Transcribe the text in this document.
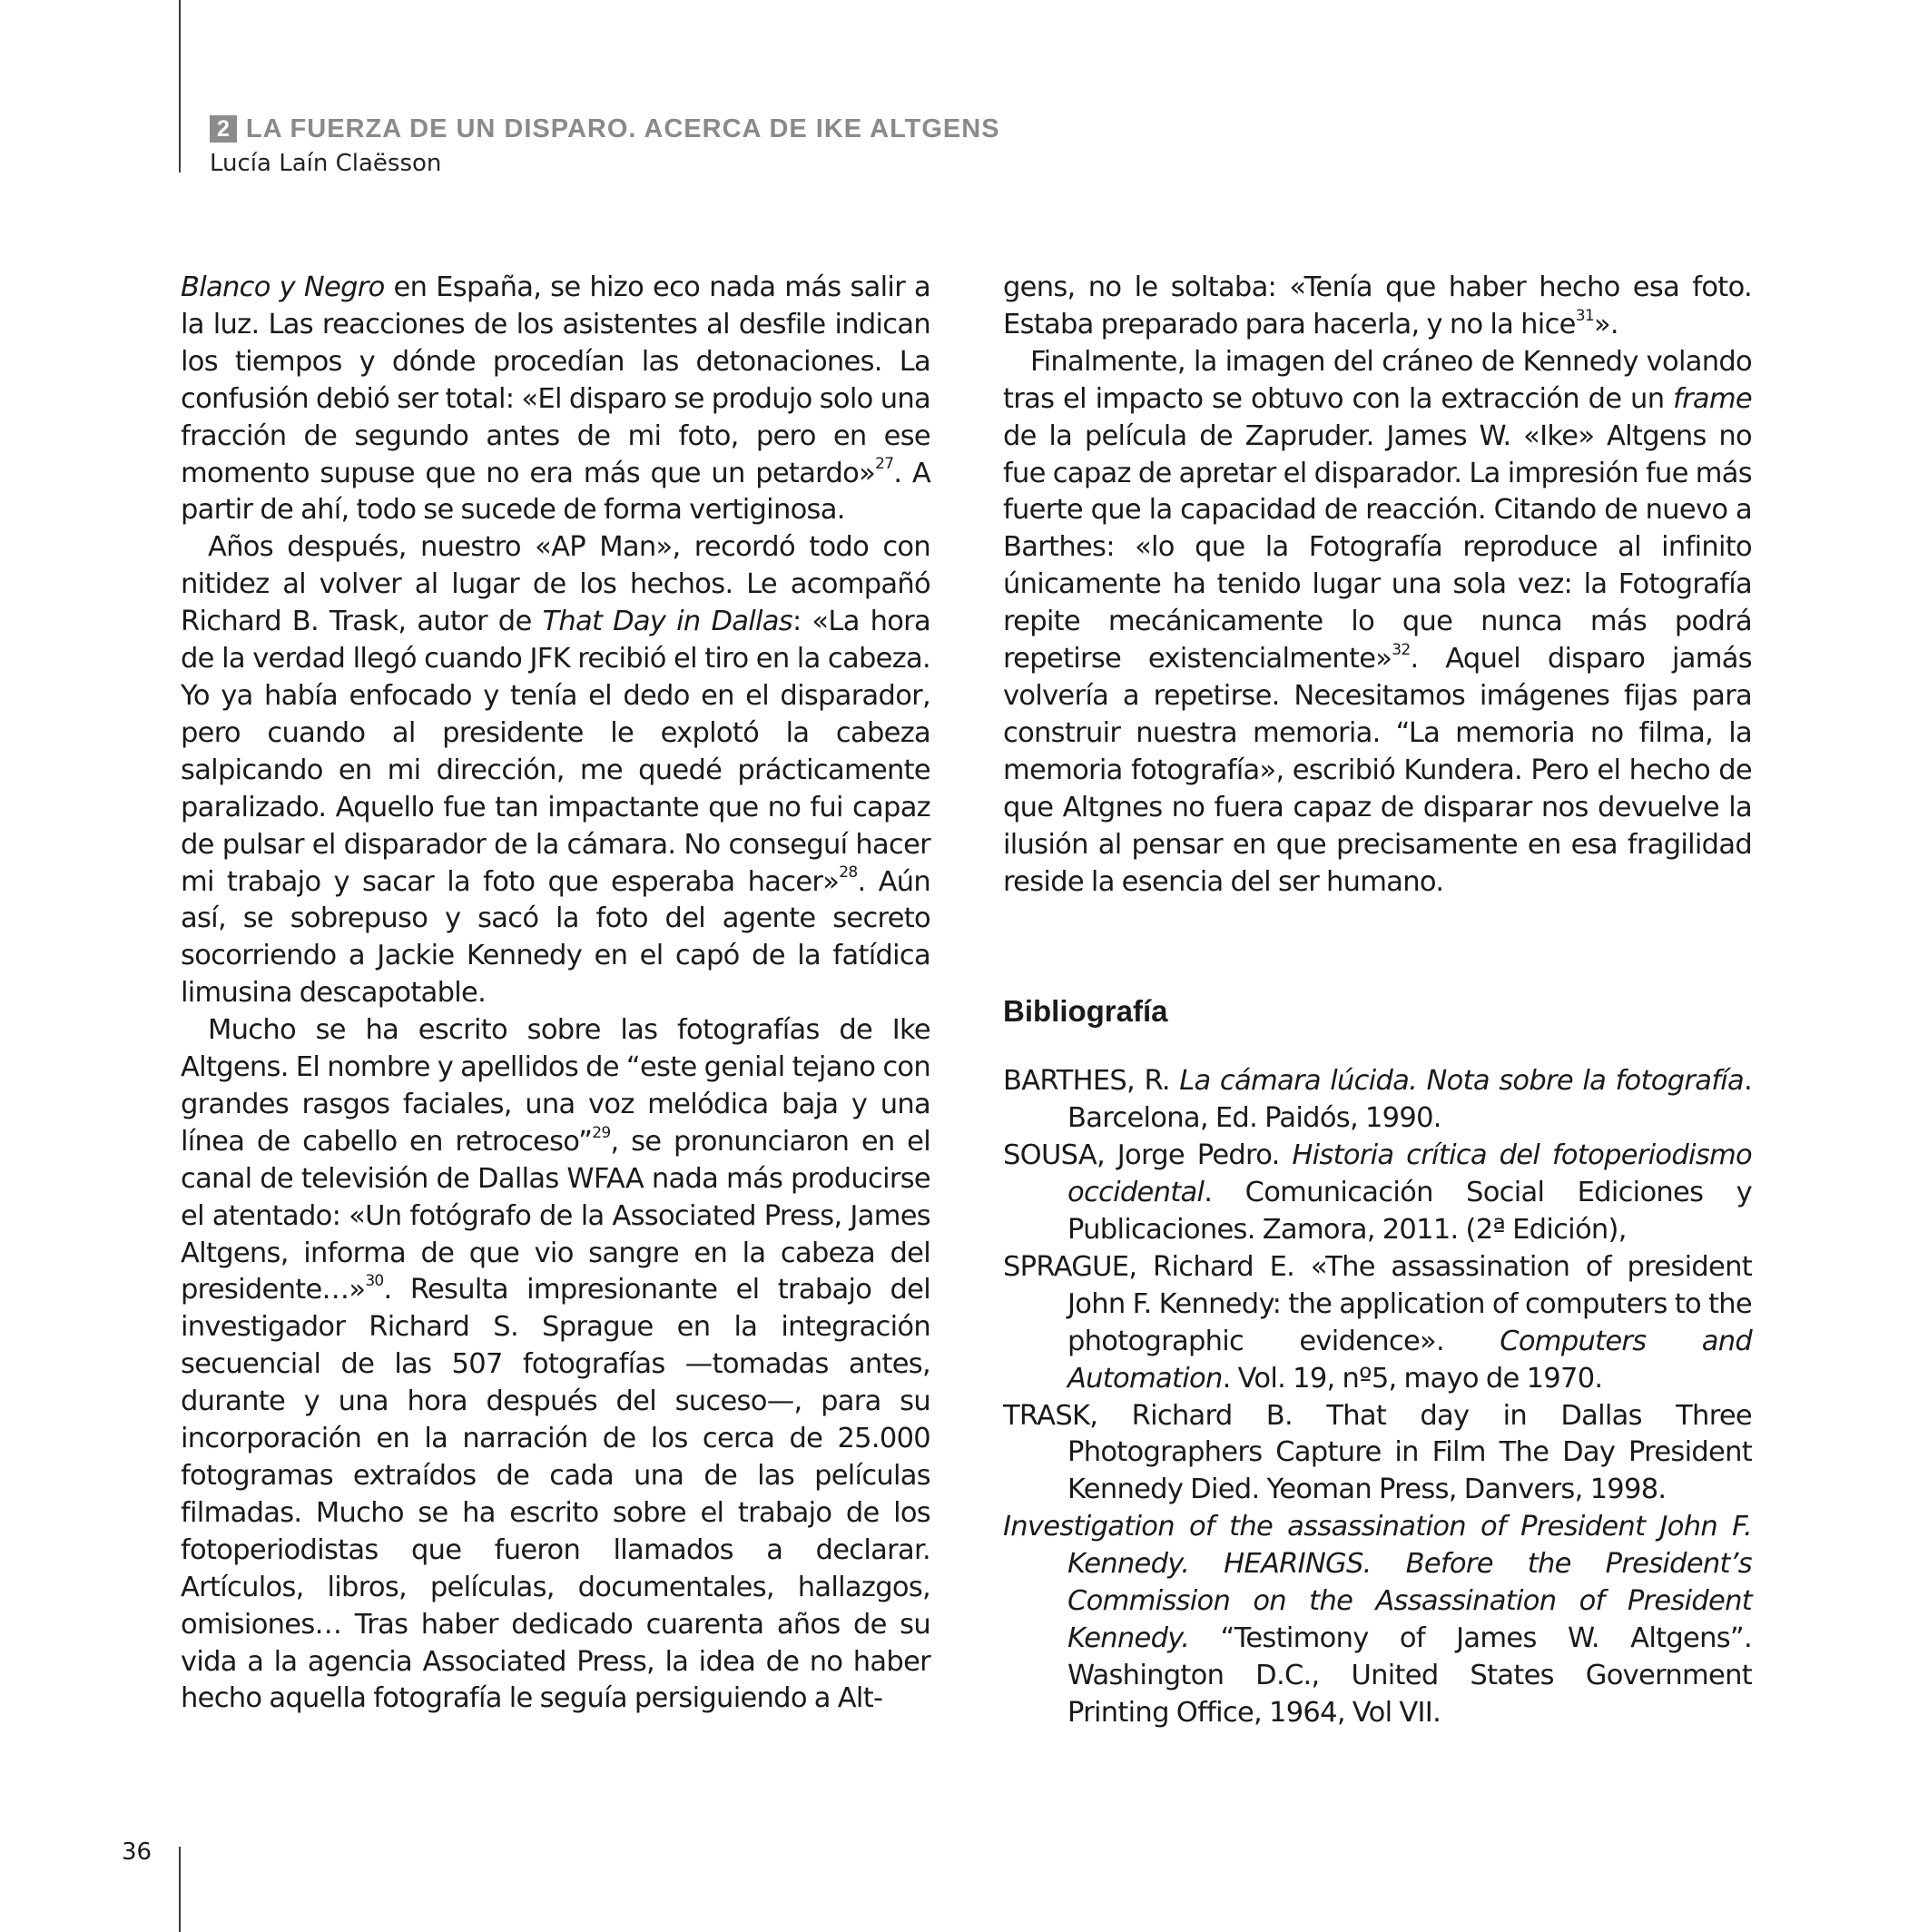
2 LA FUERZA DE UN DISPARO. ACERCA DE IKE ALTGENS
Lucía Laín Claësson

Blanco y Negro en España, se hizo eco nada más salir a la luz. Las reacciones de los asistentes al desfile indican los tiempos y dónde procedían las detonaciones. La confusión debió ser total: «El disparo se produjo solo una fracción de segundo antes de mi foto, pero en ese momento supuse que no era más que un petardo»$^{27}$. A partir de ahí, todo se sucede de forma vertiginosa.

Años después, nuestro «AP Man», recordó todo con nitidez al volver al lugar de los hechos. Le acompañó Richard B. Trask, autor de That Day in Dallas: «La hora de la verdad llegó cuando JFK recibió el tiro en la cabeza. Yo ya había enfocado y tenía el dedo en el disparador, pero cuando al presidente le explotó la cabeza salpicando en mi dirección, me quedé prácticamente paralizado. Aquello fue tan impactante que no fui capaz de pulsar el disparador de la cámara. No conseguí hacer mi trabajo y sacar la foto que esperaba hacer»$^{28}$. Aún así, se sobrepuso y sacó la foto del agente secreto socorriendo a Jackie Kennedy en el capó de la fatídica limusina descapotable.

Mucho se ha escrito sobre las fotografías de Ike Altgens. El nombre y apellidos de “este genial tejano con grandes rasgos faciales, una voz melódica baja y una línea de cabello en retroceso”$^{29}$, se pronunciaron en el canal de televisión de Dallas WFAA nada más producirse el atentado: «Un fotógrafo de la Associated Press, James Altgens, informa de que vio sangre en la cabeza del presidente…»$^{30}$. Resulta impresionante el trabajo del investigador Richard S. Sprague en la integración secuencial de las 507 fotografías —tomadas antes, durante y una hora después del suceso—, para su incorporación en la narración de los cerca de 25.000 fotogramas extraídos de cada una de las películas filmadas. Mucho se ha escrito sobre el trabajo de los fotoperiodistas que fueron llamados a declarar. Artículos, libros, películas, documentales, hallazgos, omisiones… Tras haber dedicado cuarenta años de su vida a la agencia Associated Press, la idea de no haber hecho aquella fotografía le seguía persiguiendo a Alt-

gens, no le soltaba: «Tenía que haber hecho esa foto. Estaba preparado para hacerla, y no la hice$^{31}$».

Finalmente, la imagen del cráneo de Kennedy volando tras el impacto se obtuvo con la extracción de un frame de la película de Zapruder. James W. «Ike» Altgens no fue capaz de apretar el disparador. La impresión fue más fuerte que la capacidad de reacción. Citando de nuevo a Barthes: «lo que la Fotografía reproduce al infinito únicamente ha tenido lugar una sola vez: la Fotografía repite mecánicamente lo que nunca más podrá repetirse existencialmente»$^{32}$. Aquel disparo jamás volvería a repetirse. Necesitamos imágenes fijas para construir nuestra memoria. “La memoria no filma, la memoria fotografía», escribió Kundera. Pero el hecho de que Altgnes no fuera capaz de disparar nos devuelve la ilusión al pensar en que precisamente en esa fragilidad reside la esencia del ser humano.

Bibliografía
BARTHES, R. La cámara lúcida. Nota sobre la fotografía. Barcelona, Ed. Paidós, 1990.
SOUSA, Jorge Pedro. Historia crítica del fotoperiodismo occidental. Comunicación Social Ediciones y Publicaciones. Zamora, 2011. (2ª Edición),
SPRAGUE, Richard E. «The assassination of president John F. Kennedy: the application of computers to the photographic evidence». Computers and Automation. Vol. 19, nº5, mayo de 1970.
TRASK, Richard B. That day in Dallas Three Photographers Capture in Film The Day President Kennedy Died. Yeoman Press, Danvers, 1998.
Investigation of the assassination of President John F. Kennedy. HEARINGS. Before the President’s Commission on the Assassination of President Kennedy. “Testimony of James W. Altgens”. Washington D.C., United States Government Printing Office, 1964, Vol VII.
36
